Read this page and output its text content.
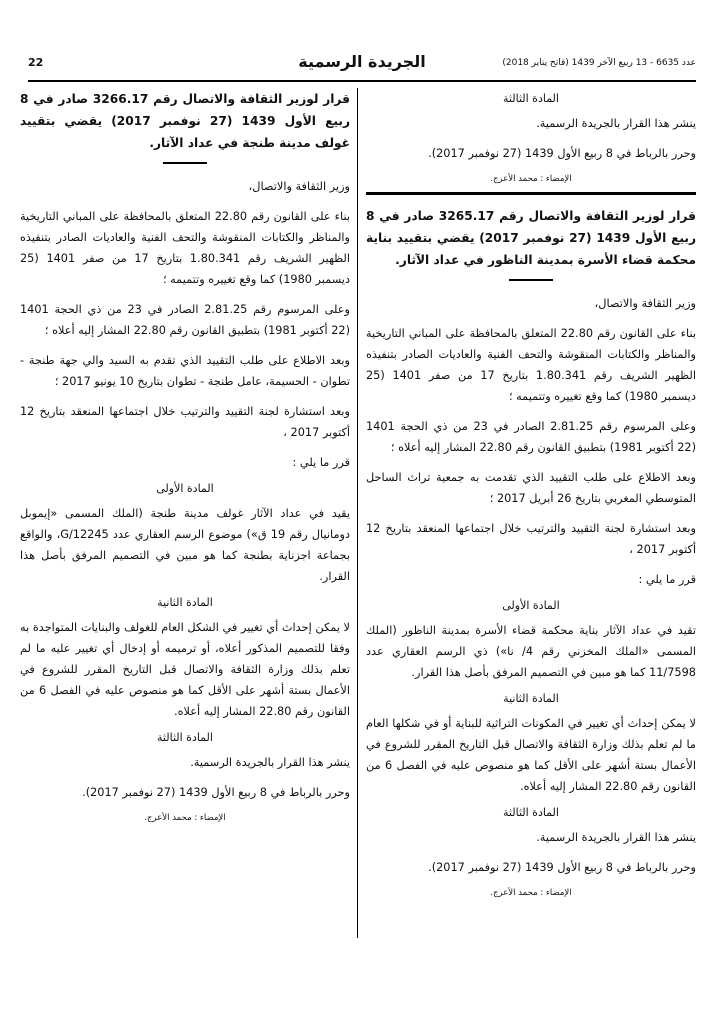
22	الجريدة الرسمية	عدد 6635 - 13 ربيع الآخر 1439 (فاتح يناير 2018)
المادة الثالثة

ينشر هذا القرار بالجريدة الرسمية.

وحرر بالرباط في 8 ربيع الأول 1439 (27 نوفمبر 2017).

الإمضاء : محمد الأعرج.
قرار لوزير الثقافة والاتصال رقم 3265.17 صادر في 8 ربيع الأول 1439 (27 نوفمبر 2017) يقضي بتقييد بناية محكمة قضاء الأسرة بمدينة الناظور في عداد الآثار.

وزير الثقافة والاتصال،

بناء على القانون رقم 22.80 المتعلق بالمحافظة على المباني التاريخية والمناظر والكتابات المنقوشة والتحف الفنية والعاديات الصادر بتنفيذه الظهير الشريف رقم 1.80.341 بتاريخ 17 من صفر 1401 (25 ديسمبر 1980) كما وقع تغييره وتتميمه ؛

وعلى المرسوم رقم 2.81.25 الصادر في 23 من ذي الحجة 1401 (22 أكتوبر 1981) بتطبيق القانون رقم 22.80 المشار إليه أعلاه ؛

وبعد الاطلاع على طلب التقييد الذي تقدمت به جمعية تراث الساحل المتوسطي المغربي بتاريخ 26 أبريل 2017 ؛

وبعد استشارة لجنة التقييد والترتيب خلال اجتماعها المنعقد بتاريخ 12 أكتوبر 2017 ،

قرر ما يلي :

المادة الأولى

تقيد في عداد الآثار بناية محكمة قضاء الأسرة بمدينة الناظور (الملك المسمى «الملك المخزني رقم 4/ نا») ذي الرسم العقاري عدد 11/7598 كما هو مبين في التصميم المرفق بأصل هذا القرار.

المادة الثانية

لا يمكن إحداث أي تغيير في المكونات التراثية للبناية أو في شكلها العام ما لم تعلم بذلك وزارة الثقافة والاتصال قبل التاريخ المقرر للشروع في الأعمال بستة أشهر على الأقل كما هو منصوص عليه في الفصل 6 من القانون رقم 22.80 المشار إليه أعلاه.

المادة الثالثة

ينشر هذا القرار بالجريدة الرسمية.

وحرر بالرباط في 8 ربيع الأول 1439 (27 نوفمبر 2017).

الإمضاء : محمد الأعرج.
قرار لوزير الثقافة والاتصال رقم 3266.17 صادر في 8 ربيع الأول 1439 (27 نوفمبر 2017) يقضي بتقييد غولف مدينة طنجة في عداد الآثار.

وزير الثقافة والاتصال،

بناء على القانون رقم 22.80 المتعلق بالمحافظة على المباني التاريخية والمناظر والكتابات المنقوشة والتحف الفنية والعاديات الصادر بتنفيذه الظهير الشريف رقم 1.80.341 بتاريخ 17 من صفر 1401 (25 ديسمبر 1980) كما وقع تغييره وتتميمه ؛

وعلى المرسوم رقم 2.81.25 الصادر في 23 من ذي الحجة 1401 (22 أكتوبر 1981) بتطبيق القانون رقم 22.80 المشار إليه أعلاه ؛

وبعد الاطلاع على طلب التقييد الذي تقدم به السيد والي جهة طنجة - تطوان - الحسيمة، عامل طنجة - تطوان بتاريخ 10 يونيو 2017 ؛

وبعد استشارة لجنة التقييد والترتيب خلال اجتماعها المنعقد بتاريخ 12 أكتوبر 2017 ،

قرر ما يلي :

المادة الأولى

يقيد في عداد الآثار غولف مدينة طنجة (الملك المسمى «إيموبل دومانيال رقم 19 ق») موضوع الرسم العقاري عدد G/12245، والواقع بجماعة اجزناية بطنجة كما هو مبين في التصميم المرفق بأصل هذا القرار.

المادة الثانية

لا يمكن إحداث أي تغيير في الشكل العام للغولف والبنايات المتواجدة به وفقا للتصميم المذكور أعلاه، أو ترميمه أو إدخال أي تغيير عليه ما لم تعلم بذلك وزارة الثقافة والاتصال قبل التاريخ المقرر للشروع في الأعمال بستة أشهر على الأقل كما هو منصوص عليه في الفصل 6 من القانون رقم 22.80 المشار إليه أعلاه.

المادة الثالثة

ينشر هذا القرار بالجريدة الرسمية.

وحرر بالرباط في 8 ربيع الأول 1439 (27 نوفمبر 2017).

الإمضاء : محمد الأعرج.
